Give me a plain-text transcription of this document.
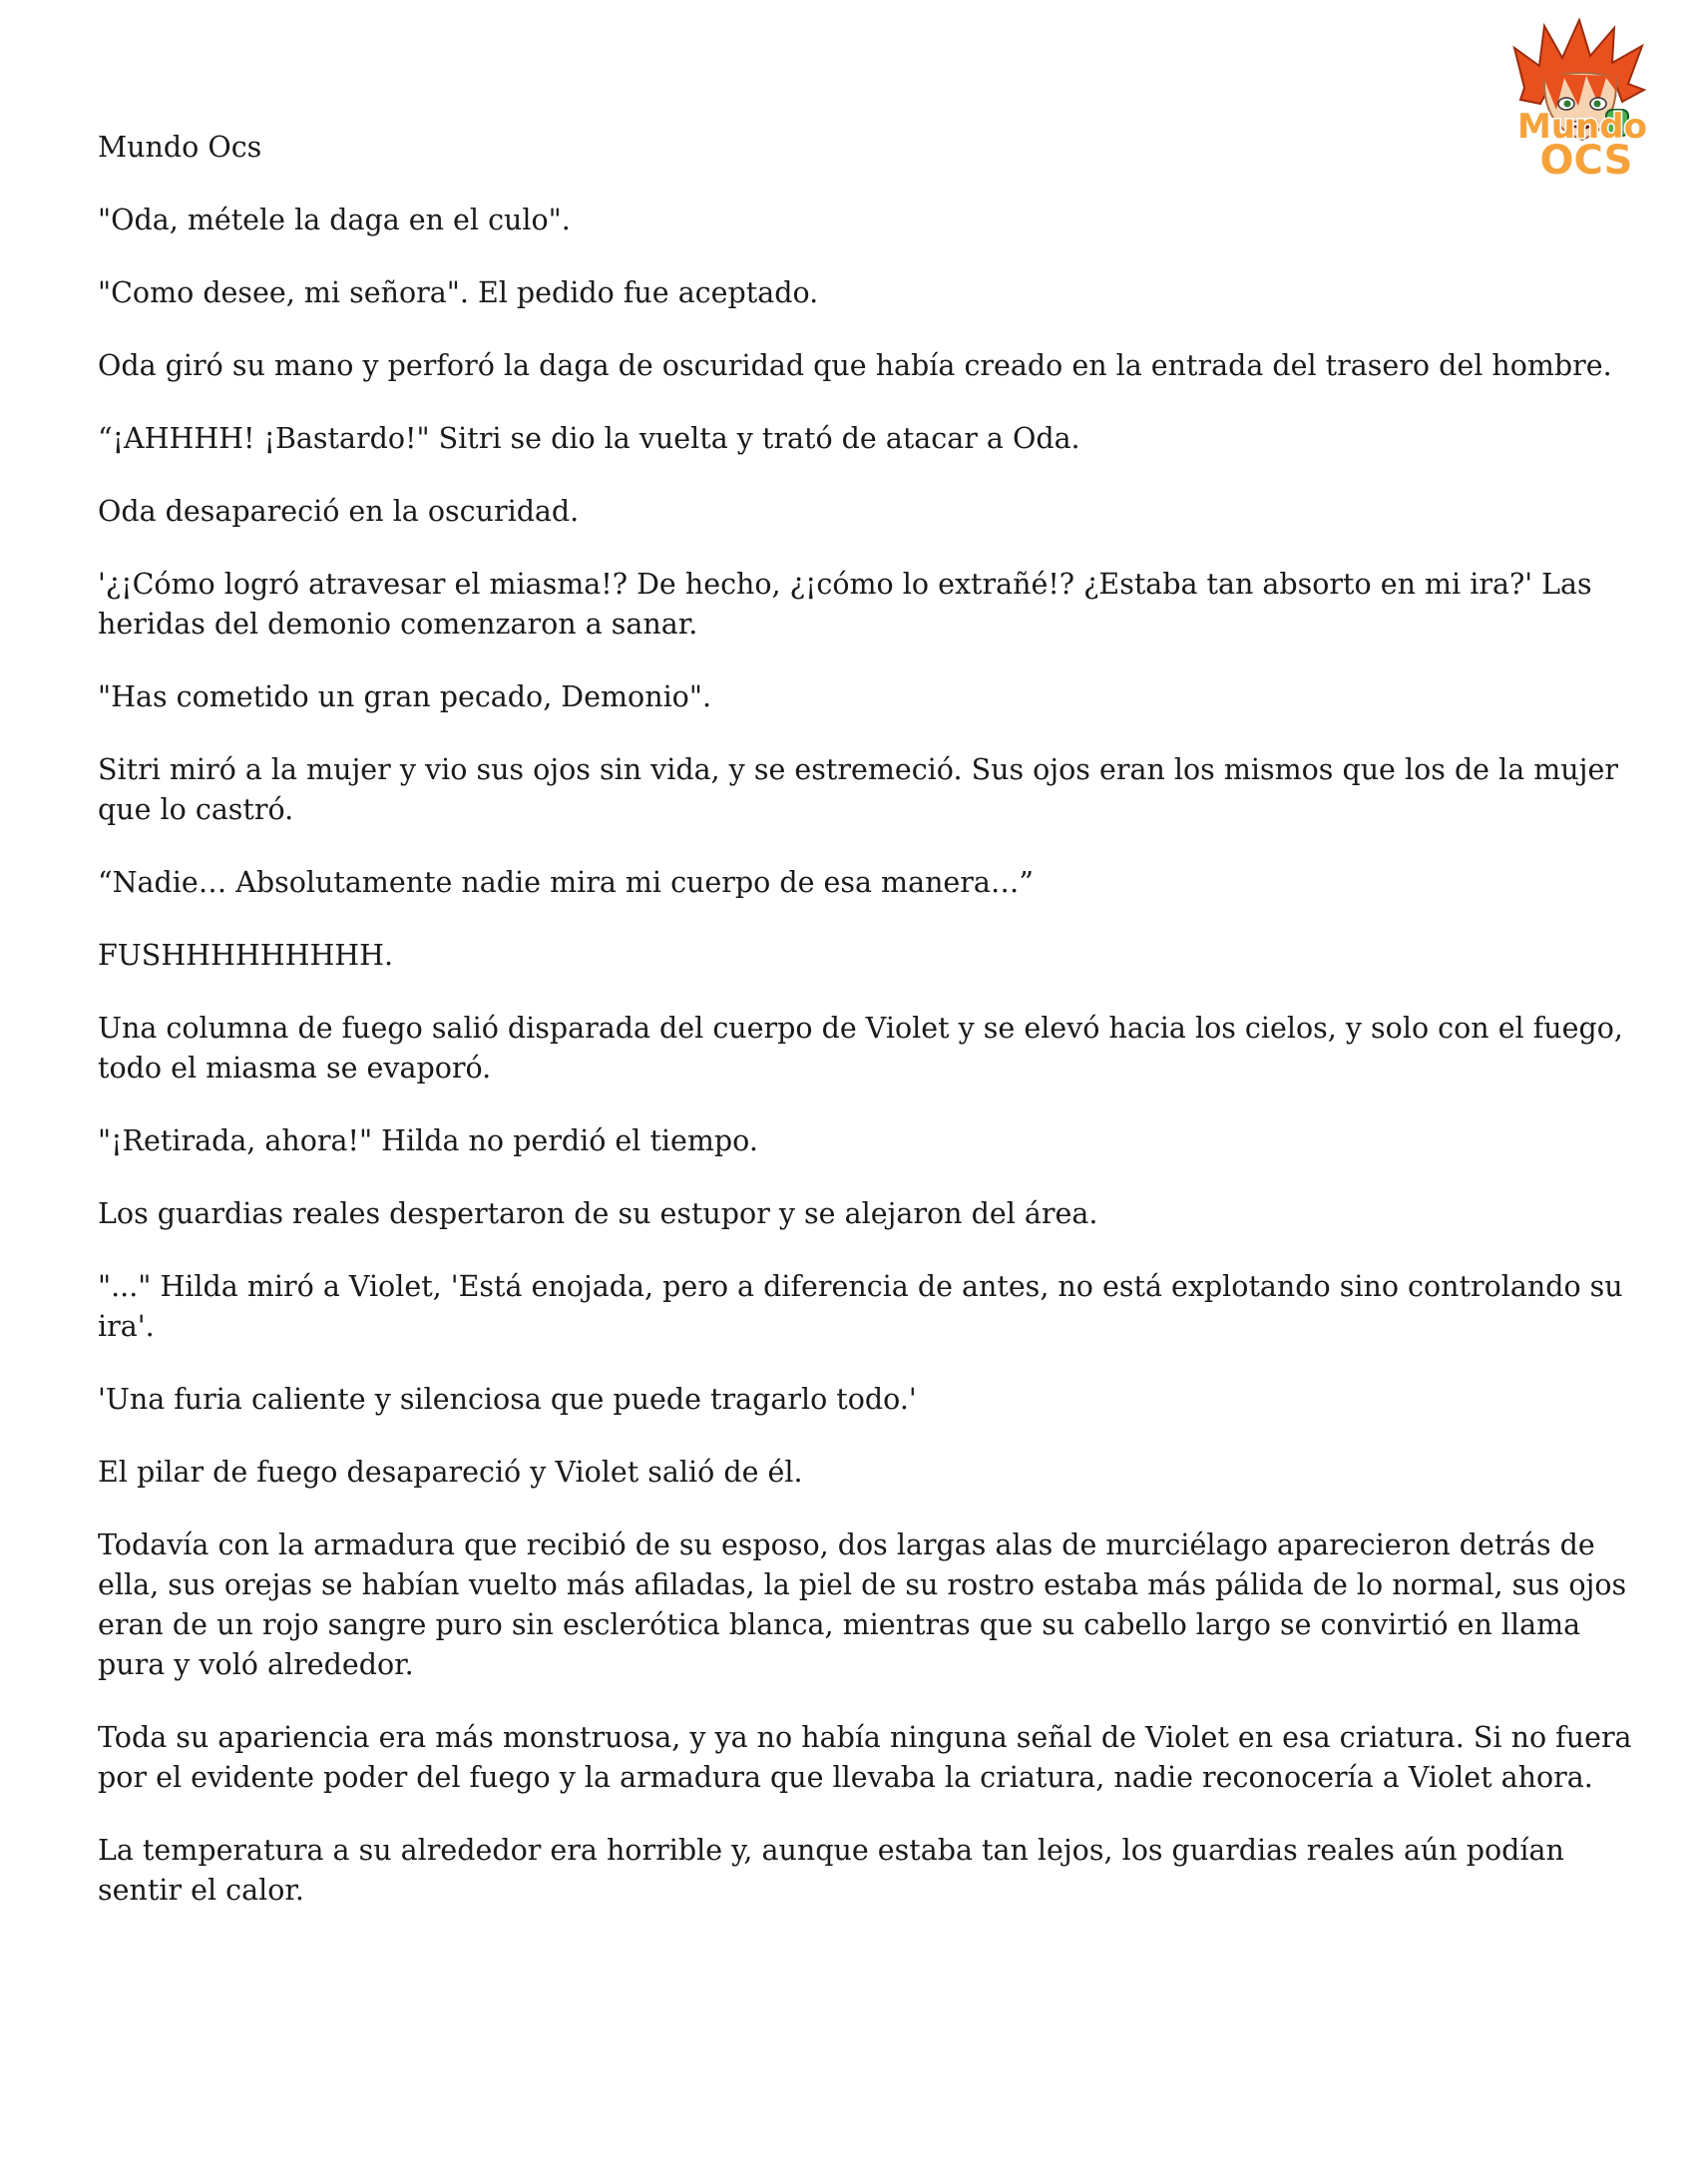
Mundo
OCS

Mundo Ocs

"Oda, métele la daga en el culo".

"Como desee, mi señora". El pedido fue aceptado.

Oda giró su mano y perforó la daga de oscuridad que había creado en la entrada del trasero del hombre.

“¡AHHHH! ¡Bastardo!" Sitri se dio la vuelta y trató de atacar a Oda.

Oda desapareció en la oscuridad.

'¿¡Cómo logró atravesar el miasma!? De hecho, ¿¡cómo lo extrañé!? ¿Estaba tan absorto en mi ira?' Las heridas del demonio comenzaron a sanar.

"Has cometido un gran pecado, Demonio".

Sitri miró a la mujer y vio sus ojos sin vida, y se estremeció. Sus ojos eran los mismos que los de la mujer que lo castró.

“Nadie… Absolutamente nadie mira mi cuerpo de esa manera…”

FUSHHHHHHHHH.

Una columna de fuego salió disparada del cuerpo de Violet y se elevó hacia los cielos, y solo con el fuego, todo el miasma se evaporó.

"¡Retirada, ahora!" Hilda no perdió el tiempo.

Los guardias reales despertaron de su estupor y se alejaron del área.

"..." Hilda miró a Violet, 'Está enojada, pero a diferencia de antes, no está explotando sino controlando su ira'.

'Una furia caliente y silenciosa que puede tragarlo todo.'

El pilar de fuego desapareció y Violet salió de él.

Todavía con la armadura que recibió de su esposo, dos largas alas de murciélago aparecieron detrás de ella, sus orejas se habían vuelto más afiladas, la piel de su rostro estaba más pálida de lo normal, sus ojos eran de un rojo sangre puro sin esclerótica blanca, mientras que su cabello largo se convirtió en llama pura y voló alrededor.

Toda su apariencia era más monstruosa, y ya no había ninguna señal de Violet en esa criatura. Si no fuera por el evidente poder del fuego y la armadura que llevaba la criatura, nadie reconocería a Violet ahora.

La temperatura a su alrededor era horrible y, aunque estaba tan lejos, los guardias reales aún podían sentir el calor.
